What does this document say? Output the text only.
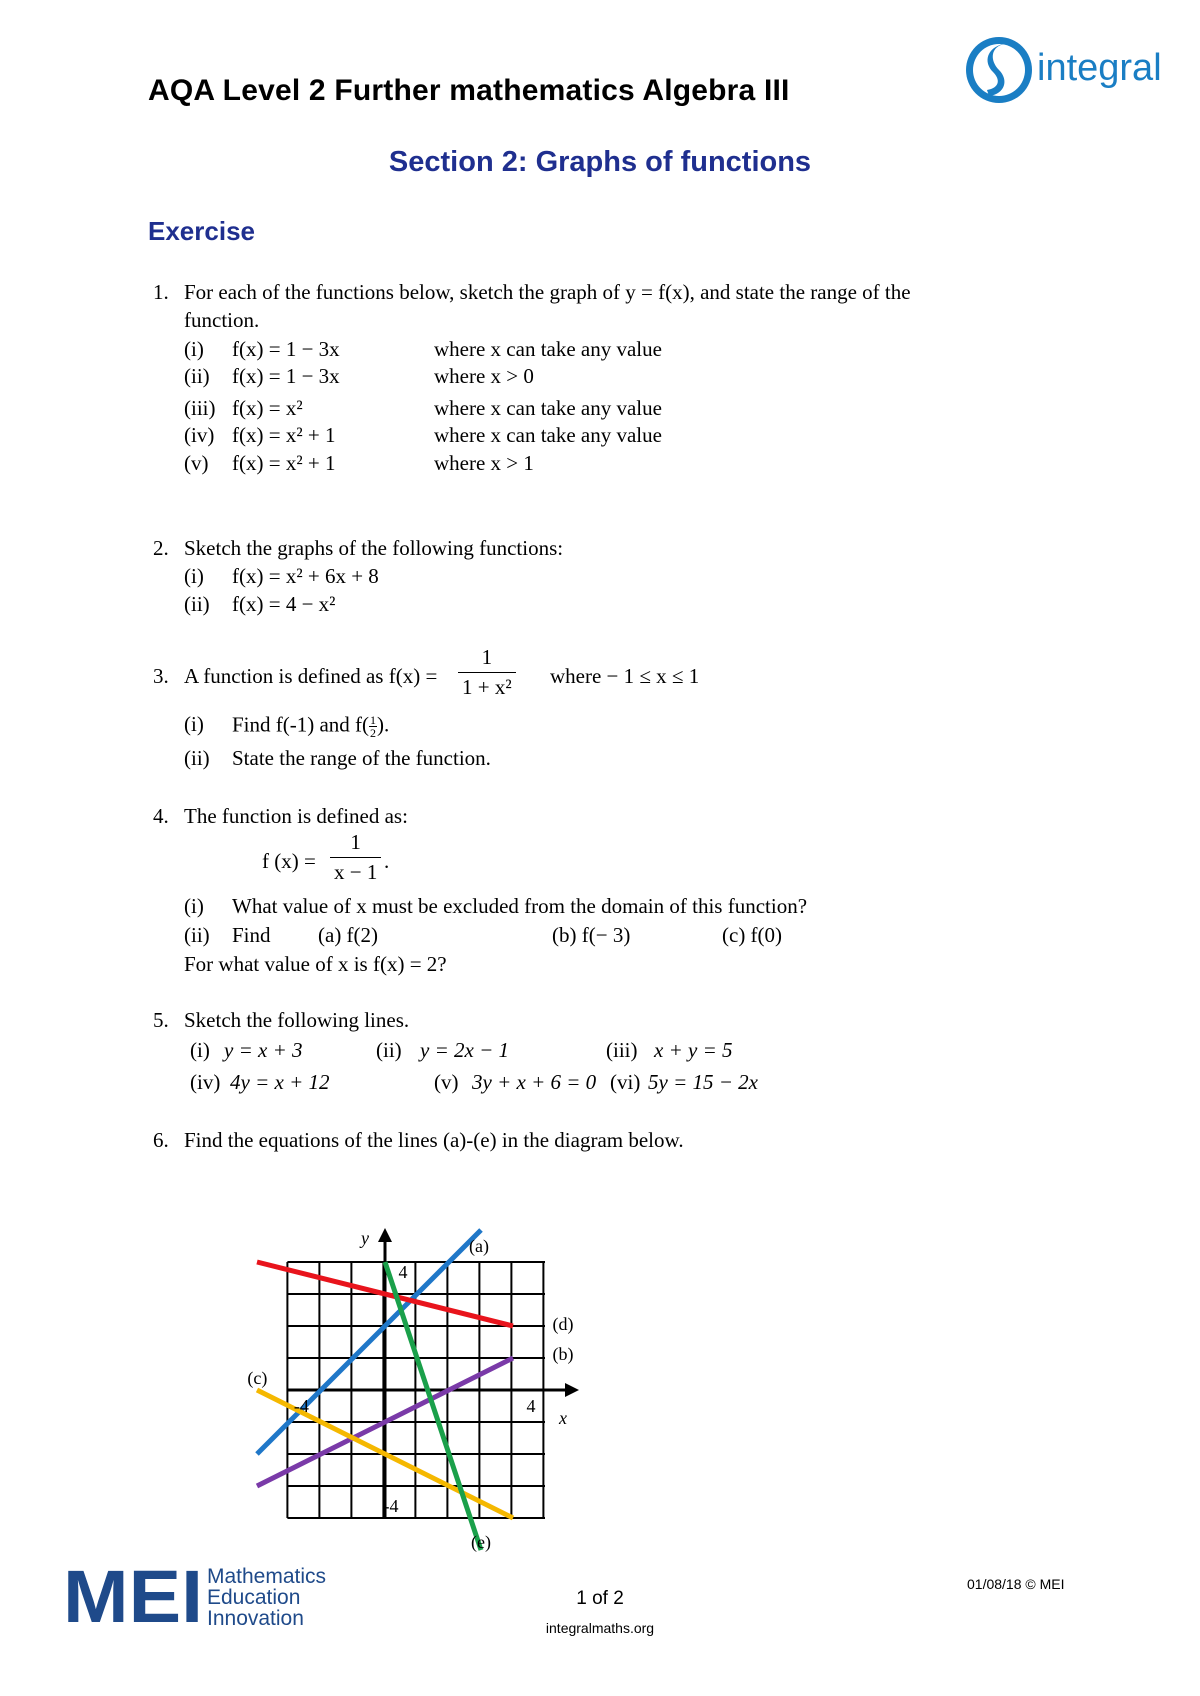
AQA Level 2 Further mathematics Algebra III
integral
Section 2: Graphs of functions
Exercise
1. For each of the functions below, sketch the graph of y = f(x), and state the range of the
function.
(i) f(x) = 1 − 3x	where x can take any value
(ii) f(x) = 1 − 3x	where x > 0
(iii) f(x) = x²	where x can take any value
(iv) f(x) = x² + 1	where x can take any value
(v) f(x) = x² + 1	where x > 1
2. Sketch the graphs of the following functions:
(i) f(x) = x² + 6x + 8
(ii) f(x) = 4 − x²
3. A function is defined as $f(x) = \frac{1}{\text{1 + x²}}$ where − 1 ≤ x ≤ 1
(i) Find f(-1) and $f( \frac{1}{2}$ ).
(ii) State the range of the function.
4. The function is defined as:
f $(x) = \frac{1}{x - 1}$ .
(i) What value of x must be excluded from the domain of this function?
(ii) Find (a) f(2)	(b) f(− 3)	(c) f(0)
For what value of x is f(x) = 2?
5. Sketch the following lines.
(i) y = x + 3	(ii) y = 2x − 1	(iii) x + y = 5
(iv) 4y = x + 12	(v) 3y + x + 6 = 0 (vi) 5y = 15 − 2x
6. Find the equations of the lines (a)-(e) in the diagram below.
4
-4
-4	4
y
x
(a)
(b)
(c)
(d)
(e)
MEI Mathematics
Education
Innovation
1 of 2
integralmaths.org
01/08/18 © MEI
